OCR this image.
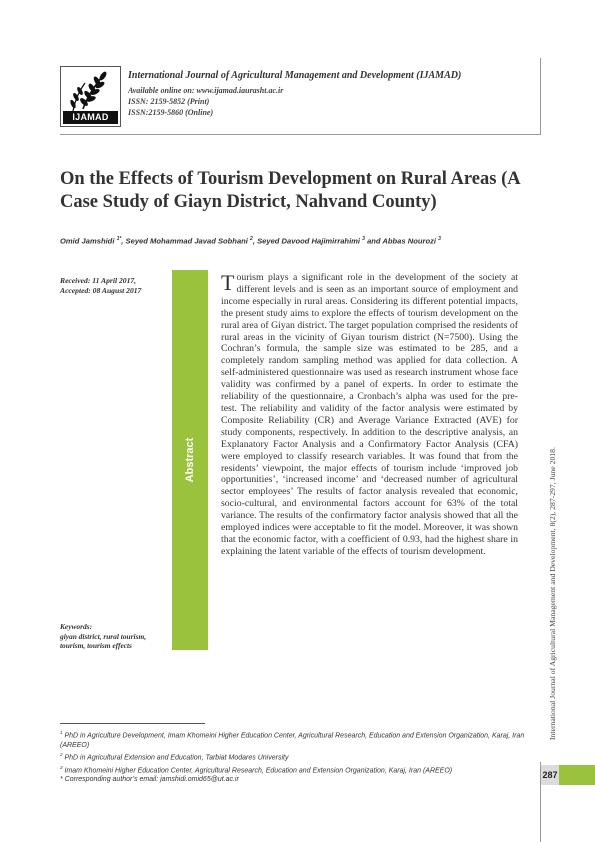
IJAMAD
International Journal of Agricultural Management and Development (IJAMAD)
Available online on: www.ijamad.iaurasht.ac.ir
ISSN: 2159-5852 (Print)
ISSN:2159-5860 (Online)
On the Effects of Tourism Development on Rural Areas (A Case Study of Giayn District, Nahvand County)
Omid Jamshidi $^{1*}$, Seyed Mohammad Javad Sobhani $^2$, Seyed Davood Hajimirrahimi $^3$ and Abbas Nourozi $^3$
Received: 11 April 2017,
Accepted: 08 August 2017
Abstract
Tourism plays a significant role in the development of the society at different levels and is seen as an important source of employment and income especially in rural areas. Considering its different potential impacts, the present study aims to explore the effects of tourism development on the rural area of Giyan district. The target population comprised the residents of rural areas in the vicinity of Giyan tourism district (N=7500). Using the Cochran’s formula, the sample size was estimated to be 285, and a completely random sampling method was applied for data collection. A self-administered questionnaire was used as research instrument whose face validity was confirmed by a panel of experts. In order to estimate the reliability of the questionnaire, a Cronbach’s alpha was used for the pre-test. The reliability and validity of the factor analysis were estimated by Composite Reliability (CR) and Average Variance Extracted (AVE) for study components, respectively. In addition to the descriptive analysis, an Explanatory Factor Analysis and a Confirmatory Factor Analysis (CFA) were employed to classify research variables. It was found that from the residents’ viewpoint, the major effects of tourism include ‘improved job opportunities’, ‘increased income’ and ‘decreased number of agricultural sector employees’ The results of factor analysis revealed that economic, socio-cultural, and environmental factors account for 63% of the total variance. The results of the confirmatory factor analysis showed that all the employed indices were acceptable to fit the model. Moreover, it was shown that the economic factor, with a coefficient of 0.93, had the highest share in explaining the latent variable of the effects of tourism development.
Keywords:
giyan district, rural tourism, tourism, tourism effects	International Journal of Agricultural Management and Development, 8(2), 287-297, June 2018.
$^1$ PhD in Agriculture Development, Imam Khomeini Higher Education Center, Agricultural Research, Education and Extension Organization, Karaj, Iran (AREEO)
$^2$ PhD in Agricultural Extension and Education, Tarbiat Modares University
$^3$ Imam Khomeini Higher Education Center, Agricultural Research, Education and Extension Organization, Karaj, Iran (AREEO)
* Corresponding author’s email: jamshidi.omid65@ut.ac.ir	287
